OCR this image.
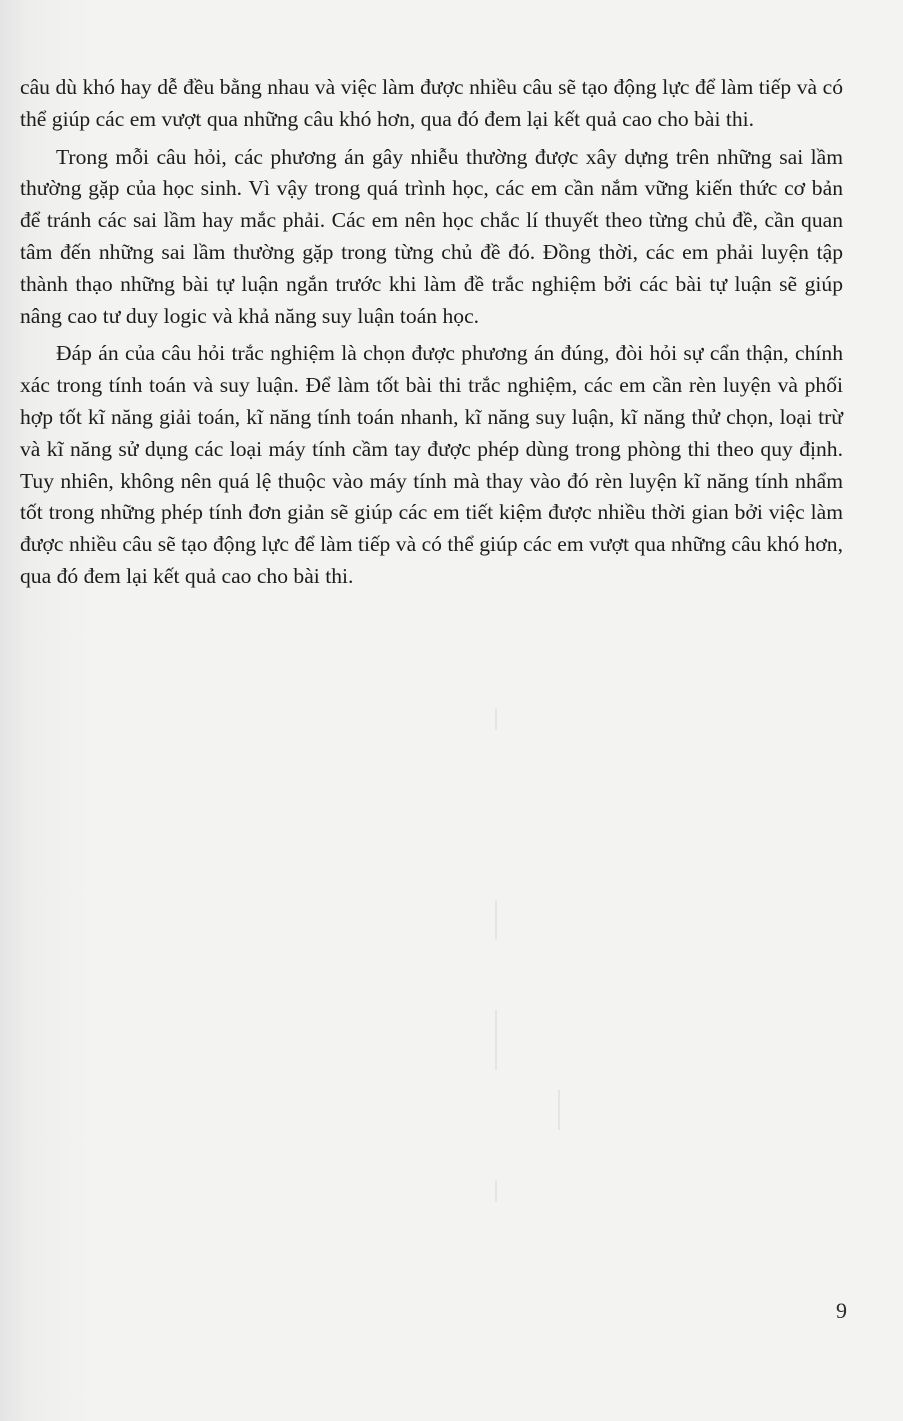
câu dù khó hay dễ đều bằng nhau và việc làm được nhiều câu sẽ tạo động lực để làm tiếp và có thể giúp các em vượt qua những câu khó hơn, qua đó đem lại kết quả cao cho bài thi.

Trong mỗi câu hỏi, các phương án gây nhiễu thường được xây dựng trên những sai lầm thường gặp của học sinh. Vì vậy trong quá trình học, các em cần nắm vững kiến thức cơ bản để tránh các sai lầm hay mắc phải. Các em nên học chắc lí thuyết theo từng chủ đề, cần quan tâm đến những sai lầm thường gặp trong từng chủ đề đó. Đồng thời, các em phải luyện tập thành thạo những bài tự luận ngắn trước khi làm đề trắc nghiệm bởi các bài tự luận sẽ giúp nâng cao tư duy logic và khả năng suy luận toán học.

Đáp án của câu hỏi trắc nghiệm là chọn được phương án đúng, đòi hỏi sự cẩn thận, chính xác trong tính toán và suy luận. Để làm tốt bài thi trắc nghiệm, các em cần rèn luyện và phối hợp tốt kĩ năng giải toán, kĩ năng tính toán nhanh, kĩ năng suy luận, kĩ năng thử chọn, loại trừ và kĩ năng sử dụng các loại máy tính cầm tay được phép dùng trong phòng thi theo quy định. Tuy nhiên, không nên quá lệ thuộc vào máy tính mà thay vào đó rèn luyện kĩ năng tính nhẩm tốt trong những phép tính đơn giản sẽ giúp các em tiết kiệm được nhiều thời gian bởi việc làm được nhiều câu sẽ tạo động lực để làm tiếp và có thể giúp các em vượt qua những câu khó hơn, qua đó đem lại kết quả cao cho bài thi.

9
